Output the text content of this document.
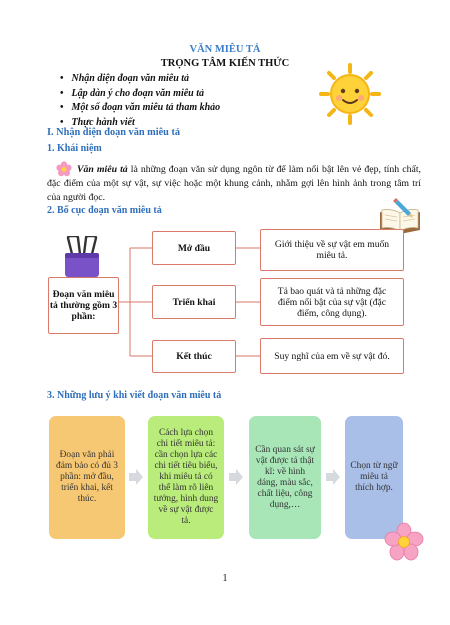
VĂN MIÊU TẢ
TRỌNG TÂM KIẾN THỨC
• Nhận diện đoạn văn miêu tả
• Lập dàn ý cho đoạn văn miêu tả
• Một số đoạn văn miêu tả tham khảo
• Thực hành viết
I. Nhận diện đoạn văn miêu tả
1. Khái niệm
Văn miêu tả là những đoạn văn sử dụng ngôn từ để làm nổi bật lên vẻ đẹp, tính chất, đặc điểm của một sự vật, sự việc hoặc một khung cảnh, nhằm gợi lên hình ảnh trong tâm trí của người đọc.
2. Bố cục đoạn văn miêu tả
Đoạn văn miêu tả thường gồm 3 phần:
Mở đầu
Triển khai
Kết thúc
Giới thiệu về sự vật em muốn miêu tả.
Tả bao quát và tả những đặc điểm nổi bật của sự vật (đặc điểm, công dụng).
Suy nghĩ của em về sự vật đó.
3. Những lưu ý khi viết đoạn văn miêu tả
Đoạn văn phải đảm bảo có đủ 3 phần: mở đầu, triển khai, kết thúc.
Cách lựa chọn chi tiết miêu tả: cần chọn lựa các chi tiết tiêu biểu, khi miêu tả có thể làm rõ liên tưởng, hình dung về sự vật được tả.
Cần quan sát sự vật được tả thật kĩ: về hình dáng, màu sắc, chất liệu, công dụng,…
Chọn từ ngữ miêu tả thích hợp.
1
